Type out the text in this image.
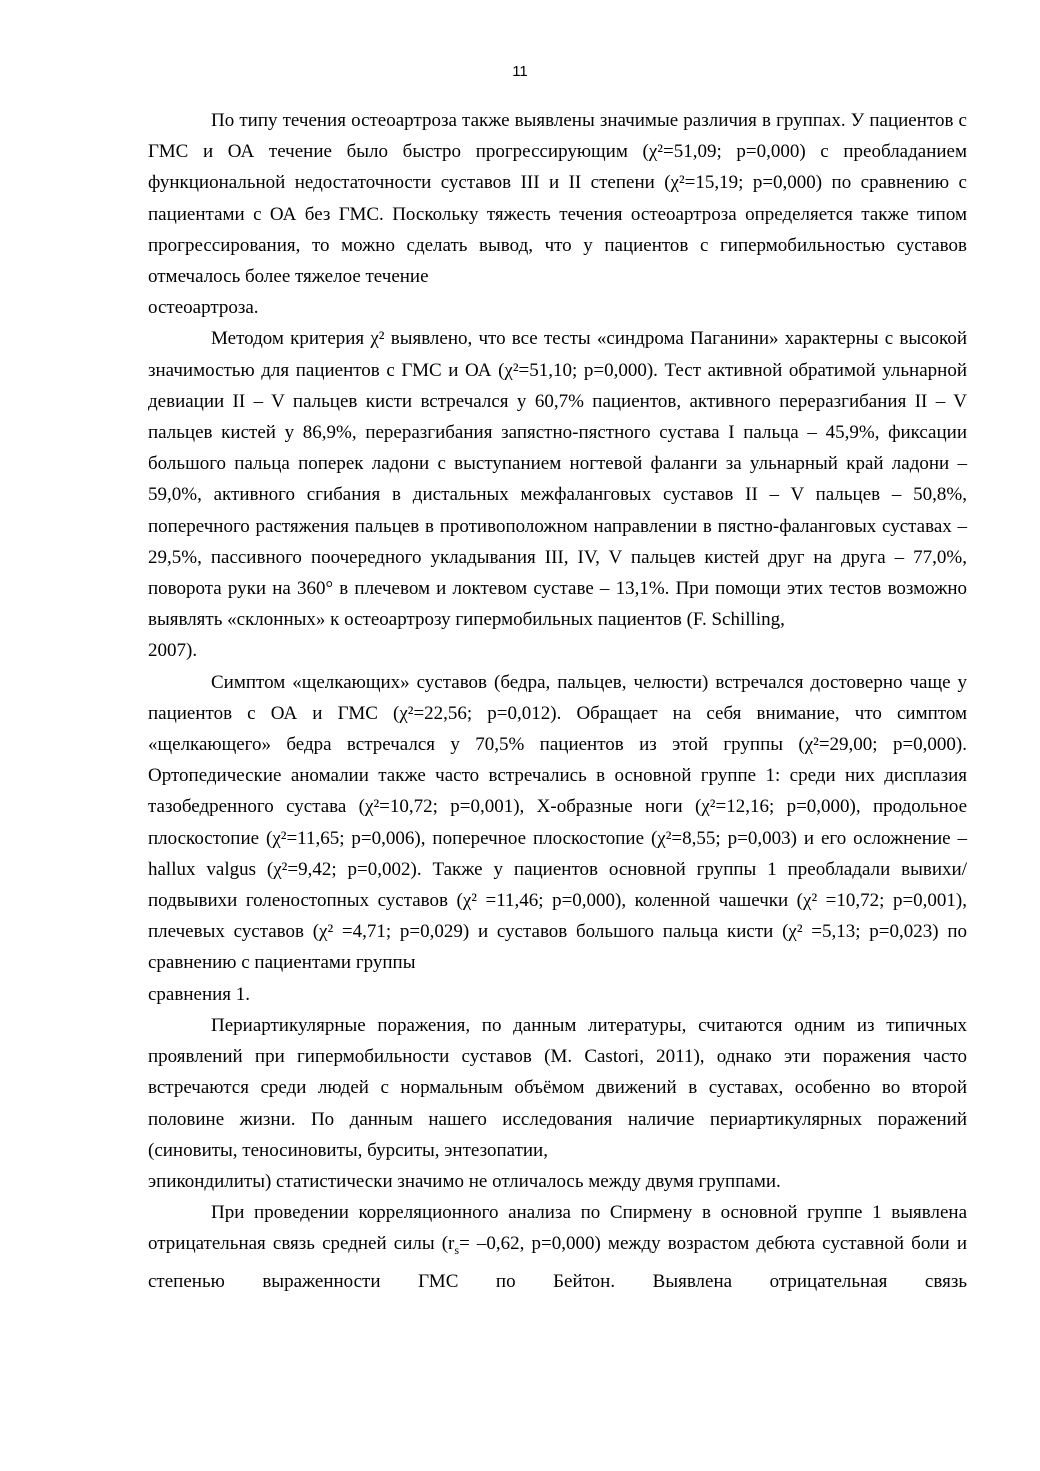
11

По типу течения остеоартроза также выявлены значимые различия в группах. У пациентов с ГМС и ОА течение было быстро прогрессирующим (χ²=51,09; p=0,000) с преобладанием функциональной недостаточности суставов III и II степени (χ²=15,19; p=0,000) по сравнению с пациентами с ОА без ГМС. Поскольку тяжесть течения остеоартроза определяется также типом прогрессирования, то можно сделать вывод, что у пациентов с гипермобильностью суставов отмечалось более тяжелое течение

остеоартроза.

Методом критерия χ² выявлено, что все тесты «синдрома Паганини» характерны с высокой значимостью для пациентов с ГМС и ОА (χ²=51,10; p=0,000). Тест активной обратимой ульнарной девиации II – V пальцев кисти встречался у 60,7% пациентов, активного переразгибания II – V пальцев кистей у 86,9%, переразгибания запястно-пястного сустава I пальца – 45,9%, фиксации большого пальца поперек ладони с выступанием ногтевой фаланги за ульнарный край ладони – 59,0%, активного сгибания в дистальных межфаланговых суставов II – V пальцев – 50,8%, поперечного растяжения пальцев в противоположном направлении в пястно-фаланговых суставах – 29,5%, пассивного поочередного укладывания III, IV, V пальцев кистей друг на друга – 77,0%, поворота руки на 360° в плечевом и локтевом суставе – 13,1%. При помощи этих тестов возможно выявлять «склонных» к остеоартрозу гипермобильных пациентов (F. Schilling,

2007).

Симптом «щелкающих» суставов (бедра, пальцев, челюсти) встречался достоверно чаще у пациентов с ОА и ГМС (χ²=22,56; p=0,012). Обращает на себя внимание, что симптом «щелкающего» бедра встречался у 70,5% пациентов из этой группы (χ²=29,00; p=0,000). Ортопедические аномалии также часто встречались в основной группе 1: среди них дисплазия тазобедренного сустава (χ²=10,72; p=0,001), Х-образные ноги (χ²=12,16; p=0,000), продольное плоскостопие (χ²=11,65; p=0,006), поперечное плоскостопие (χ²=8,55; p=0,003) и его осложнение – hallux valgus (χ²=9,42; p=0,002). Также у пациентов основной группы 1 преобладали вывихи/подвывихи голеностопных суставов (χ² =11,46; p=0,000), коленной чашечки (χ² =10,72; p=0,001), плечевых суставов (χ² =4,71; p=0,029) и суставов большого пальца кисти (χ² =5,13; p=0,023) по сравнению с пациентами группы

сравнения 1.

Периартикулярные поражения, по данным литературы, считаются одним из типичных проявлений при гипермобильности суставов (M. Castori, 2011), однако эти поражения часто встречаются среди людей с нормальным объёмом движений в суставах, особенно во второй половине жизни. По данным нашего исследования наличие периартикулярных поражений (синовиты, теносиновиты, бурситы, энтезопатии,

эпикондилиты) статистически значимо не отличалось между двумя группами.

При проведении корреляционного анализа по Спирмену в основной группе 1 выявлена отрицательная связь средней силы ($r_s= -0,62$, p=0,000) между возрастом дебюта суставной боли и степенью выраженности ГМС по Бейтон. Выявлена отрицательная связь
